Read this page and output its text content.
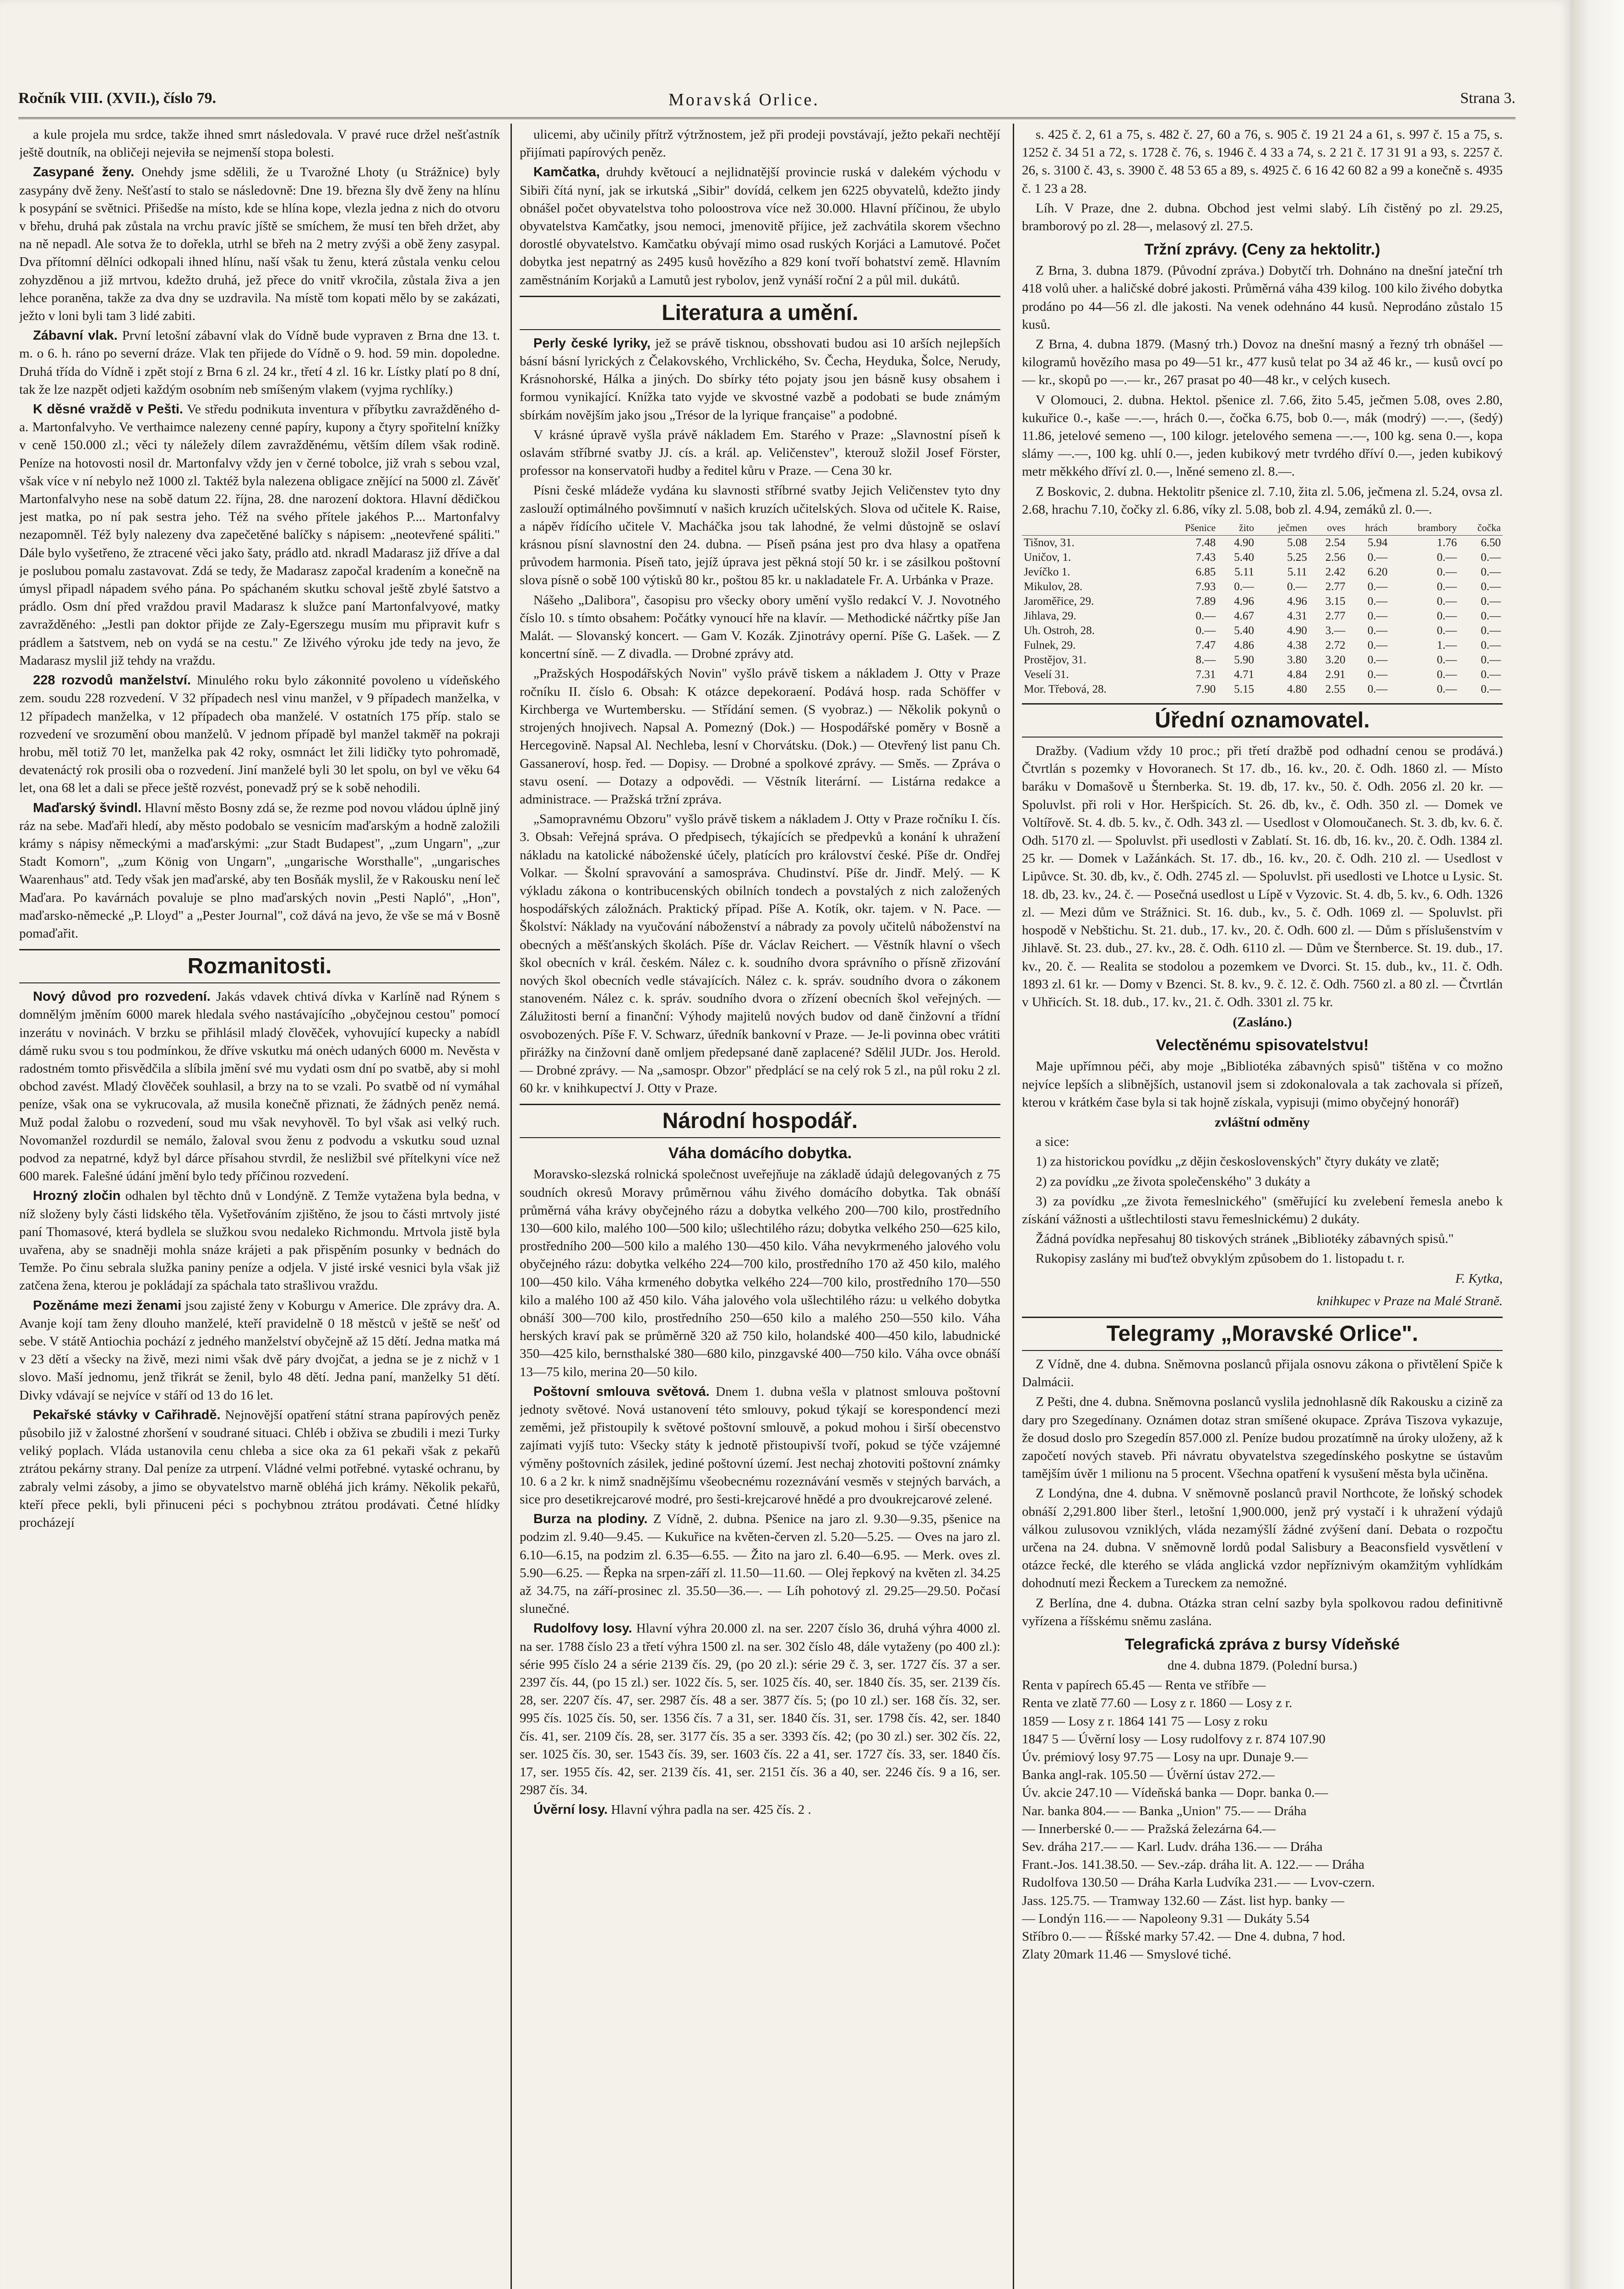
Ročník VIII. (XVII.), číslo 79.	Moravská Orlice.	Strana 3.

a kule projela mu srdce, takže ihned smrt následovala. V pravé ruce držel nešťastník ještě doutník, na obličeji nejeviła se nejmenší stopa bolesti.

Zasypané ženy. Onehdy jsme sdělili, že u Tvarožné Lhoty (u Strážnice) byly zasypány dvě ženy. Nešťastí to stalo se následovně: Dne 19. března šly dvě ženy na hlínu k posypání se světnici. Přišedše na místo, kde se hlína kope, vlezla jedna z nich do otvoru v břehu, druhá pak zůstala na vrchu pravíc jíště se smíchem, že musí ten břeh držet, aby na ně nepadl. Ale sotva že to dořekla, utrhl se břeh na 2 metry zvýši a obě ženy zasypal. Dva přítomní dělníci odkopali ihned hlínu, naší však tu ženu, která zůstala venku celou zohyzděnou a již mrtvou, kdežto druhá, jež přece do vnitř vkročila, zůstala živa a jen lehce poraněna, takže za dva dny se uzdravila. Na místě tom kopati mělo by se zakázati, ježto v loni byli tam 3 lidé zabiti.

Zábavní vlak. První letošní zábavní vlak do Vídně bude vypraven z Brna dne 13. t. m. o 6. h. ráno po severní dráze. Vlak ten přijede do Vídně o 9. hod. 59 min. dopoledne. Druhá třída do Vídně i zpět stojí z Brna 6 zl. 24 kr., třetí 4 zl. 16 kr. Lístky platí po 8 dní, tak že lze nazpět odjeti každým osobním neb smíšeným vlakem (vyjma rychlíky.)

K děsné vraždě v Pešti. Ve středu podnikuta inventura v příbytku zavražděného d-a. Martonfalvyho. Ve verthaimce nalezeny cenné papíry, kupony a čtyry spořitelní knížky v ceně 150.000 zl.; věci ty náležely dílem zavražděnému, větším dílem však rodině. Peníze na hotovosti nosil dr. Martonfalvy vždy jen v černé tobolce, již vrah s sebou vzal, však více v ní nebylo než 1000 zl. Taktéž byla nalezena obligace znějící na 5000 zl. Závěť Martonfalvyho nese na sobě datum 22. října, 28. dne narození doktora. Hlavní dědičkou jest matka, po ní pak sestra jeho. Též na svého přítele jakéhos P.... Martonfalvy nezapomněl. Též byly nalezeny dva zapečetěné balíčky s nápisem: „neotevřené spáliti." Dále bylo vyšetřeno, že ztracené věci jako šaty, prádlo atd. nkradl Madarasz již dříve a dal je poslubou pomalu zastavovat. Zdá se tedy, že Madarasz započal kradením a konečně na úmysl připadl nápadem svého pána. Po spáchaném skutku schoval ještě zbylé šatstvo a prádlo. Osm dní před vraždou pravil Madarasz k služce paní Martonfalvyové, matky zavražděného: „Jestli pan doktor přijde ze Zaly-Egerszegu musím mu připravit kufr s prádlem a šatstvem, neb on vydá se na cestu." Ze lživého výroku jde tedy na jevo, že Madarasz myslil již tehdy na vraždu.

228 rozvodů manželství. Minulého roku bylo zákonnité povoleno u vídeňského zem. soudu 228 rozvedení. V 32 případech nesl vinu manžel, v 9 případech manželka, v 12 případech manželka, v 12 případech oba manželé. V ostatních 175 příp. stalo se rozvedení ve srozumění obou manželů. V jednom případě byl manžel takměř na pokraji hrobu, měl totiž 70 let, manželka pak 42 roky, osmnáct let žili lidičky tyto pohromadě, devatenáctý rok prosili oba o rozvedení. Jiní manželé byli 30 let spolu, on byl ve věku 64 let, ona 68 let a dali se přece ještě rozvést, ponevadž prý se k sobě nehodili.

Maďarský švindl. Hlavní město Bosny zdá se, že rezme pod novou vládou úplně jiný ráz na sebe. Maďaři hledí, aby město podobalo se vesnicím maďarským a hodně založili krámy s nápisy německými a maďarskými: „zur Stadt Budapest", „zum Ungarn", „zur Stadt Komorn", „zum König von Ungarn", „ungarische Worsthalle", „ungarisches Waarenhaus" atd. Tedy však jen maďarské, aby ten Bosňák myslil, že v Rakousku není leč Maďara. Po kavárnách povaluje se plno maďarských novin „Pesti Napló", „Hon", maďarsko-německé „P. Lloyd" a „Pester Journal", což dává na jevo, že vše se má v Bosně pomaďařit.

Rozmanitosti.

Nový důvod pro rozvedení. Jakás vdavek chtivá dívka v Karlíně nad Rýnem s domnělým jměním 6000 marek hledala svého nastávajícího „obyčejnou cestou" pomocí inzerátu v novinách. V brzku se přihlásil mladý člověček, vyhovující kupecky a nabídl dámě ruku svou s tou podmínkou, že dříve vskutku má onėch udaných 6000 m. Nevěsta v radostném tomto přisvědčila a slíbila jmění své mu vydati osm dní po svatbě, aby si mohl obchod zavést. Mladý člověček souhlasil, a brzy na to se vzali. Po svatbě od ní vymáhal peníze, však ona se vykrucovala, až musila konečně přiznati, že žádných peněz nemá. Muž podal žalobu o rozvedení, soud mu však nevyhověl. To byl však asi velký ruch. Novomanžel rozdurdil se nemálo, žaloval svou ženu z podvodu a vskutku soud uznal podvod za nepatrné, když byl dárce přísahou stvrdil, že nesližbil své přítelkyni více než 600 marek. Falešné údání jmění bylo tedy příčinou rozvedení.

Hrozný zločin odhalen byl těchto dnů v Londýně. Z Temže vytažena byla bedna, v níž složeny byly části lidského těla. Vyšetřováním zjištěno, že jsou to části mrtvoly jisté paní Thomasové, která bydlela se služkou svou nedaleko Richmondu. Mrtvola jistě byla uvařena, aby se snadněji mohla snáze krájeti a pak přispěním posunky v bednách do Temže. Po činu sebrala služka paniny peníze a odjela. V jisté irské vesnici byla však již zatčena žena, kterou je pokládají za spáchala tato strašlivou vraždu.

Pozěnáme mezi ženami jsou zajisté ženy v Koburgu v Americe. Dle zprávy dra. A. Avanje kojí tam ženy dlouho manželé, kteří pravidelně 0 18 městců v ještě se nešť od sebe. V státě Antiochia pochází z jedného manželství obyčejně až 15 dětí. Jedna matka má v 23 dětí a všecky na živě, mezi nimi však dvě páry dvojčat, a jedna se je z nichž v 1 slovo. Maší jednomu, jenž třikrát se ženil, bylo 48 dětí. Jedna paní, manželky 51 dětí. Divky vdávají se nejvíce v stáří od 13 do 16 let.

Pekařské stávky v Cařihradě. Nejnovější opatření státní strana papírových peněz působilo již v žalostné zhoršení v soudrané situaci. Chléb i obživa se zbudili i mezi Turky veliký poplach. Vláda ustanovila cenu chleba a sice oka za 61 pekaři však z pekařů ztrátou pekárny strany. Dal peníze za utrpení. Vládné velmi potřebné. vytaské ochranu, by zabraly velmi zásoby, a jimo se obyvatelstvo marně obléhá jich krámy. Několik pekařů, kteří přece pekli, byli přinuceni péci s pochybnou ztrátou prodávati. Četné hlídky procházejí

ulicemi, aby učinily přítrž výtržnostem, jež při prodeji povstávají, ježto pekaři nechtějí přijímati papírových peněz.

Kamčatka, druhdy květoucí a nejlidnatější provincie ruská v dalekém východu v Sibiři čítá nyní, jak se irkutská „Sibir" dovídá, celkem jen 6225 obyvatelů, kdežto jindy obnášel počet obyvatelstva toho poloostrova více než 30.000. Hlavní příčinou, že ubylo obyvatelstva Kamčatky, jsou nemoci, jmenovitě příjice, jež zachvátila skorem všechno dorostlé obyvatelstvo. Kamčatku obývají mimo osad ruských Korjáci a Lamutové. Počet dobytka jest nepatrný as 2495 kusů hovězího a 829 koní tvoří bohatství země. Hlavním zaměstnáním Korjaků a Lamutů jest rybolov, jenž vynáší roční 2 a půl mil. dukátů.

Literatura a umění.

Perly české lyriky, jež se právě tisknou, obsshovati budou asi 10 arších nejlepších básní básní lyrických z Čelakovského, Vrchlického, Sv. Čecha, Heyduka, Šolce, Nerudy, Krásnohorské, Hálka a jiných. Do sbírky této pojaty jsou jen básně kusy obsahem i formou vynikající. Knížka tato vyjde ve skvostné vazbě a podobati se bude známým sbírkám novějším jako jsou „Trésor de la lyrique française" a podobné.

V krásné úpravě vyšla právě nákladem Em. Starého v Praze: „Slavnostní píseň k oslavám stříbrné svatby JJ. cís. a král. ap. Veličenstev", kterouž složil Josef Förster, professor na konservatoři hudby a ředitel kůru v Praze. — Cena 30 kr.

Písni české mládeže vydána ku slavnosti stříbrné svatby Jejich Veličenstev tyto dny zaslouží optimálného povšimnutí v našich kruzích učitelských. Slova od učitele K. Raise, a nápěv řídícího učitele V. Macháčka jsou tak lahodné, že velmi důstojně se oslaví krásnou písní slavnostní den 24. dubna. — Píseň psána jest pro dva hlasy a opatřena průvodem harmonia. Píseň tato, jejíž úprava jest pěkná stojí 50 kr. i se zásilkou poštovní slova písně o sobě 100 výtisků 80 kr., poštou 85 kr. u nakladatele Fr. A. Urbánka v Praze.

Nášeho „Dalibora", časopisu pro všecky obory umění vyšlo redakcí V. J. Novotného číslo 10. s tímto obsahem: Počátky vynoucí hře na klavír. — Methodické náčrtky píše Jan Malát. — Slovanský koncert. — Gam V. Kozák. Zjinotrávy operní. Píše G. Lašek. — Z koncertní síně. — Z divadla. — Drobné zprávy atd.

„Pražských Hospodářských Novin" vyšlo právě tiskem a nákladem J. Otty v Praze ročníku II. číslo 6. Obsah: K otázce depekoraení. Podává hosp. rada Schöffer v Kirchberga ve Wurtembersku. — Střídání semen. (S vyobraz.) — Několik pokynů o strojených hnojivech. Napsal A. Pomezný (Dok.) — Hospodářské poměry v Bosně a Hercegovině. Napsal Al. Nechleba, lesní v Chorvátsku. (Dok.) — Otevřený list panu Ch. Gassaneroví, hosp. řed. — Dopisy. — Drobné a spolkové zprávy. — Směs. — Zpráva o stavu osení. — Dotazy a odpovědi. — Věstník literární. — Listárna redakce a administrace. — Pražská tržní zpráva.

„Samopravnému Obzoru" vyšlo právě tiskem a nákladem J. Otty v Praze ročníku I. čís. 3. Obsah: Veřejná správa. O předpisech, týkajících se předpevků a konání k uhražení nákladu na katolické náboženské účely, platících pro království české. Píše dr. Ondřej Volkar. — Školní spravování a samospráva. Chudinství. Píše dr. Jindř. Melý. — K výkladu zákona o kontribucenských obilních tondech a povstalých z nich založených hospodářských záložnách. Praktický případ. Píše A. Kotík, okr. tajem. v N. Pace. — Školství: Náklady na vyučování náboženství a nábrady za povoly učitelů náboženství na obecných a měšťanských školách. Píše dr. Václav Reichert. — Věstník hlavní o všech škol obecních v král. českém. Nález c. k. soudního dvora správního o přísně zřizování nových škol obecních vedle stávajících. Nález c. k. správ. soudního dvora o zákonem stanoveném. Nález c. k. správ. soudního dvora o zřízení obecních škol veřejných. — Zálužitosti berní a finanční: Výhody majitelů nových budov od daně činžovní a třídní osvobozených. Píše F. V. Schwarz, úředník bankovní v Praze. — Je-li povinna obec vrátiti přirážky na činžovní daně omljem předepsané daně zaplacené? Sdělil JUDr. Jos. Herold. — Drobné zprávy. — Na „samospr. Obzor" předplácí se na celý rok 5 zl., na půl roku 2 zl. 60 kr. v knihkupectví J. Otty v Praze.

Národní hospodář.
Váha domácího dobytka.

Moravsko-slezská rolnická společnost uveřejňuje na základě údajů delegovaných z 75 soudních okresů Moravy průměrnou váhu živého domácího dobytka. Tak obnáší průměrná váha krávy obyčejného rázu a dobytka velkého 200—700 kilo, prostředního 130—600 kilo, malého 100—500 kilo; ušlechtilého rázu; dobytka velkého 250—625 kilo, prostředního 200—500 kilo a malého 130—450 kilo. Váha nevykrmeného jalového volu obyčejného rázu: dobytka velkého 224—700 kilo, prostředního 170 až 450 kilo, malého 100—450 kilo. Váha krmeného dobytka velkého 224—700 kilo, prostředního 170—550 kilo a malého 100 až 450 kilo. Váha jalového vola ušlechtilého rázu: u velkého dobytka obnáší 300—700 kilo, prostředního 250—650 kilo a malého 250—550 kilo. Váha herských kraví pak se průměrně 320 až 750 kilo, holandské 400—450 kilo, labudnické 350—425 kilo, bernsthalské 380—680 kilo, pinzgavské 400—750 kilo. Váha ovce obnáší 13—75 kilo, merina 20—50 kilo.

Poštovní smlouva světová. Dnem 1. dubna vešla v platnost smlouva poštovní jednoty světové. Nová ustanovení této smlouvy, pokud týkají se korespondencí mezi zeměmi, jež přistoupily k světové poštovní smlouvě, a pokud mohou i širší obecenstvo zajímati vyjíš tuto: Všecky státy k jednotě přistoupivší tvoří, pokud se týče vzájemné výměny poštovních zásilek, jediné poštovní území. Jest nechaj zhotoviti poštovní známky 10. 6 a 2 kr. k nimž snadnějšímu všeobecnému rozeznávání vesměs v stejných barvách, a sice pro desetikrejcarové modré, pro šesti-krejcarové hnědé a pro dvoukrejcarové zelené.

Burza na plodiny. Z Vídně, 2. dubna. Pšenice na jaro zl. 9.30—9.35, pšenice na podzim zl. 9.40—9.45. — Kukuřice na květen-červen zl. 5.20—5.25. — Oves na jaro zl. 6.10—6.15, na podzim zl. 6.35—6.55. — Žito na jaro zl. 6.40—6.95. — Merk. oves zl. 5.90—6.25. — Řepka na srpen-září zl. 11.50—11.60. — Olej řepkový na květen zl. 34.25 až 34.75, na září-prosinec zl. 35.50—36.—. — Líh pohotový zl. 29.25—29.50. Počasí slunečné.

Rudolfovy losy. Hlavní výhra 20.000 zl. na ser. 2207 číslo 36, druhá výhra 4000 zl. na ser. 1788 číslo 23 a třetí výhra 1500 zl. na ser. 302 číslo 48, dále vytaženy (po 400 zl.): série 995 číslo 24 a série 2139 čís. 29, (po 20 zl.): série 29 č. 3, ser. 1727 čís. 37 a ser. 2397 čís. 44, (po 15 zl.) ser. 1022 čís. 5, ser. 1025 čís. 40, ser. 1840 čís. 35, ser. 2139 čís. 28, ser. 2207 čís. 47, ser. 2987 čís. 48 a ser. 3877 čís. 5; (po 10 zl.) ser. 168 čís. 32, ser. 995 čís. 1025 čís. 50, ser. 1356 čís. 7 a 31, ser. 1840 čís. 31, ser. 1798 čís. 42, ser. 1840 čís. 41, ser. 2109 čís. 28, ser. 3177 čís. 35 a ser. 3393 čís. 42; (po 30 zl.) ser. 302 čís. 22, ser. 1025 čís. 30, ser. 1543 čís. 39, ser. 1603 čís. 22 a 41, ser. 1727 čís. 33, ser. 1840 čís. 17, ser. 1955 čís. 42, ser. 2139 čís. 41, ser. 2151 čís. 36 a 40, ser. 2246 čís. 9 a 16, ser. 2987 čís. 34.

Úvěrní losy. Hlavní výhra padla na ser. 425 čís. 2 .

s. 425 č. 2, 61 a 75, s. 482 č. 27, 60 a 76, s. 905 č. 19 21 24 a 61, s. 997 č. 15 a 75, s. 1252 č. 34 51 a 72, s. 1728 č. 76, s. 1946 č. 4 33 a 74, s. 2 21 č. 17 31 91 a 93, s. 2257 č. 26, s. 3100 č. 43, s. 3900 č. 48 53 65 a 89, s. 4925 č. 6 16 42 60 82 a 99 a konečně s. 4935 č. 1 23 a 28.

Líh. V Praze, dne 2. dubna. Obchod jest velmi slabý. Líh čistěný po zl. 29.25, bramborový po zl. 28—, melasový zl. 27.5.

Tržní zprávy. (Ceny za hektolitr.)

Z Brna, 3. dubna 1879. (Původní zpráva.) Dobytčí trh. Dohnáno na dnešní jateční trh 418 volů uher. a haličské dobré jakosti. Průměrná váha 439 kilog. 100 kilo živého dobytka prodáno po 44—56 zl. dle jakosti. Na venek odehnáno 44 kusů. Neprodáno zůstalo 15 kusů.

Z Brna, 4. dubna 1879. (Masný trh.) Dovoz na dnešní masný a řezný trh obnášel — kilogramů hovězího masa po 49—51 kr., 477 kusů telat po 34 až 46 kr., — kusů ovcí po — kr., skopů po —.— kr., 267 prasat po 40—48 kr., v celých kusech.

V Olomouci, 2. dubna. Hektol. pšenice zl. 7.66, žito 5.45, ječmen 5.08, oves 2.80, kukuřice 0.-, kaše —.—, hrách 0.—, čočka 6.75, bob 0.—, mák (modrý) —.—, (šedý) 11.86, jetelové semeno —, 100 kilogr. jetelového semena —.—, 100 kg. sena 0.—, kopa slámy —.—, 100 kg. uhlí 0.—, jeden kubikový metr tvrdého dříví 0.—, jeden kubikový metr měkkého dříví zl. 0.—, lněné semeno zl. 8.—.

Z Boskovic, 2. dubna. Hektolitr pšenice zl. 7.10, žita zl. 5.06, ječmena zl. 5.24, ovsa zl. 2.68, hrachu 7.10, čočky zl. 6.86, víky zl. 5.08, bob zl. 4.94, zemáků zl. 0.—.

	Pšenice	žito	ječmen	oves	hrách	brambory	čočka
Tišnov, 31.	7.48	4.90	5.08	2.54	5.94	1.76	6.50
Uničov, 1.	7.43	5.40	5.25	2.56	0.—	0.—	0.—
Jevíčko 1.	6.85	5.11	5.11	2.42	6.20	0.—	0.—
Mikulov, 28.	7.93	0.—	0.—	2.77	0.—	0.—	0.—
Jaroměřice, 29.	7.89	4.96	4.96	3.15	0.—	0.—	0.—
Jihlava, 29.	0.—	4.67	4.31	2.77	0.—	0.—	0.—
Uh. Ostroh, 28.	0.—	5.40	4.90	3.—	0.—	0.—	0.—
Fulnek, 29.	7.47	4.86	4.38	2.72	0.—	1.—	0.—
Prostějov, 31.	8.—	5.90	3.80	3.20	0.—	0.—	0.—
Veselí 31.	7.31	4.71	4.84	2.91	0.—	0.—	0.—
Mor. Třebová, 28.	7.90	5.15	4.80	2.55	0.—	0.—	0.—
Úřední oznamovatel.

Dražby. (Vadium vždy 10 proc.; při třetí dražbě pod odhadní cenou se prodává.) Čtvrtlán s pozemky v Hovoranech. St 17. db., 16. kv., 20. č. Odh. 1860 zl. — Místo baráku v Domašově u Šternberka. St. 19. db, 17. kv., 50. č. Odh. 2056 zl. 20 kr. — Spoluvlst. při roli v Hor. Heršpicích. St. 26. db, kv., č. Odh. 350 zl. — Domek ve Voltířově. St. 4. db. 5. kv., č. Odh. 343 zl. — Usedlost v Olomoučanech. St. 3. db, kv. 6. č. Odh. 5170 zl. — Spoluvlst. při usedlosti v Zablatí. St. 16. db, 16. kv., 20. č. Odh. 1384 zl. 25 kr. — Domek v Lažánkách. St. 17. db., 16. kv., 20. č. Odh. 210 zl. — Usedlost v Lipůvce. St. 30. db, kv., č. Odh. 2745 zl. — Spoluvlst. při usedlosti ve Lhotce u Lysic. St. 18. db, 23. kv., 24. č. — Posečná usedlost u Lípě v Vyzovic. St. 4. db, 5. kv., 6. Odh. 1326 zl. — Mezi dům ve Strážnici. St. 16. dub., kv., 5. č. Odh. 1069 zl. — Spoluvlst. při hospodě v Nebštichu. St. 21. dub., 17. kv., 20. č. Odh. 600 zl. — Dům s příslušenstvím v Jihlavě. St. 23. dub., 27. kv., 28. č. Odh. 6110 zl. — Dům ve Šternberce. St. 19. dub., 17. kv., 20. č. — Realita se stodolou a pozemkem ve Dvorci. St. 15. dub., kv., 11. č. Odh. 1893 zl. 61 kr. — Domy v Bzenci. St. 8. kv., 9. č. 12. č. Odh. 7560 zl. a 80 zl. — Čtvrtlán v Uhřicích. St. 18. dub., 17. kv., 21. č. Odh. 3301 zl. 75 kr.

(Zasláno.)
Velectěnému spisovatelstvu!

Maje upřímnou péči, aby moje „Bibliotéka zábavných spisů" tištěna v co možno nejvíce lepších a slibnějších, ustanovil jsem si zdokonalovala a tak zachovala si přízeň, kterou v krátkém čase byla si tak hojně získala, vypisuji (mimo obyčejný honorář)

zvláštní odměny

a sice:

1) za historickou povídku „z dějin československých" čtyry dukáty ve zlatě;

2) za povídku „ze života společenského" 3 dukáty a

3) za povídku „ze života řemeslnického" (směřující ku zvelebení řemesla anebo k získání vážnosti a uštlechtilosti stavu řemeslnickému) 2 dukáty.

Žádná povídka nepřesahuj 80 tiskových stránek „Bibliotéky zábavných spisů."

Rukopisy zaslány mi buďtež obvyklým způsobem do 1. listopadu t. r.

F. Kytka,
knihkupec v Praze na Malé Straně.
Telegramy „Moravské Orlice".

Z Vídně, dne 4. dubna. Sněmovna poslanců přijala osnovu zákona o přivtělení Spiče k Dalmácii.

Z Pešti, dne 4. dubna. Sněmovna poslanců vyslila jednohlasně dík Rakousku a cizině za dary pro Szegedínany. Oznámen dotaz stran smíšené okupace. Zpráva Tiszova vykazuje, že dosud doslo pro Szegedín 857.000 zl. Peníze budou prozatímně na úroky uloženy, až k započetí nových staveb. Při návratu obyvatelstva szegedínského poskytne se ústavům tamějším úvěr 1 milionu na 5 procent. Všechna opatření k vysušení města byla učiněna.

Z Londýna, dne 4. dubna. V sněmovně poslanců pravil Northcote, že loňský schodek obnáší 2,291.800 liber šterl., letošní 1,900.000, jenž prý vystačí i k uhražení výdajů válkou zulusovou vzniklých, vláda nezamýšlí žádné zvýšení daní. Debata o rozpočtu určena na 24. dubna. V sněmovně lordů podal Salisbury a Beaconsfield vysvětlení v otázce řecké, dle kterého se vláda anglická vzdor nepříznivým okamžitým vyhlídkám dohodnutí mezi Řeckem a Tureckem za nemožné.

Z Berlína, dne 4. dubna. Otázka stran celní sazby byla spolkovou radou definitivně vyřízena a říšskému sněmu zaslána.

Telegrafická zpráva z bursy Vídeňské

dne 4. dubna 1879. (Polední bursa.)

Renta v papírech 65.45 — Renta ve stříbře —
Renta ve zlatě 77.60 — Losy z r. 1860 — Losy z r.
1859 — Losy z r. 1864 141 75 — Losy z roku
1847 5 — Úvěrní losy — Losy rudolfovy z r. 874 107.90
Úv. prémiový losy 97.75 — Losy na upr. Dunaje 9.—
Banka angl-rak. 105.50 — Úvěrní ústav 272.—
Úv. akcie 247.10 — Vídeňská banka — Dopr. banka 0.—
Nar. banka 804.— — Banka „Union" 75.— — Dráha
— Innerberské 0.— — Pražská železárna 64.—
Sev. dráha 217.— — Karl. Ludv. dráha 136.— — Dráha
Frant.-Jos. 141.38.50. — Sev.-záp. dráha lit. A. 122.— — Dráha
Rudolfova 130.50 — Dráha Karla Ludvíka 231.— — Lvov-czern.
Jass. 125.75. — Tramway 132.60 — Zást. list hyp. banky —
— Londýn 116.— — Napoleony 9.31 — Dukáty 5.54
Stříbro 0.— — Říšské marky 57.42. — Dne 4. dubna, 7 hod.
Zlaty 20mark 11.46 — Smyslové tiché.
